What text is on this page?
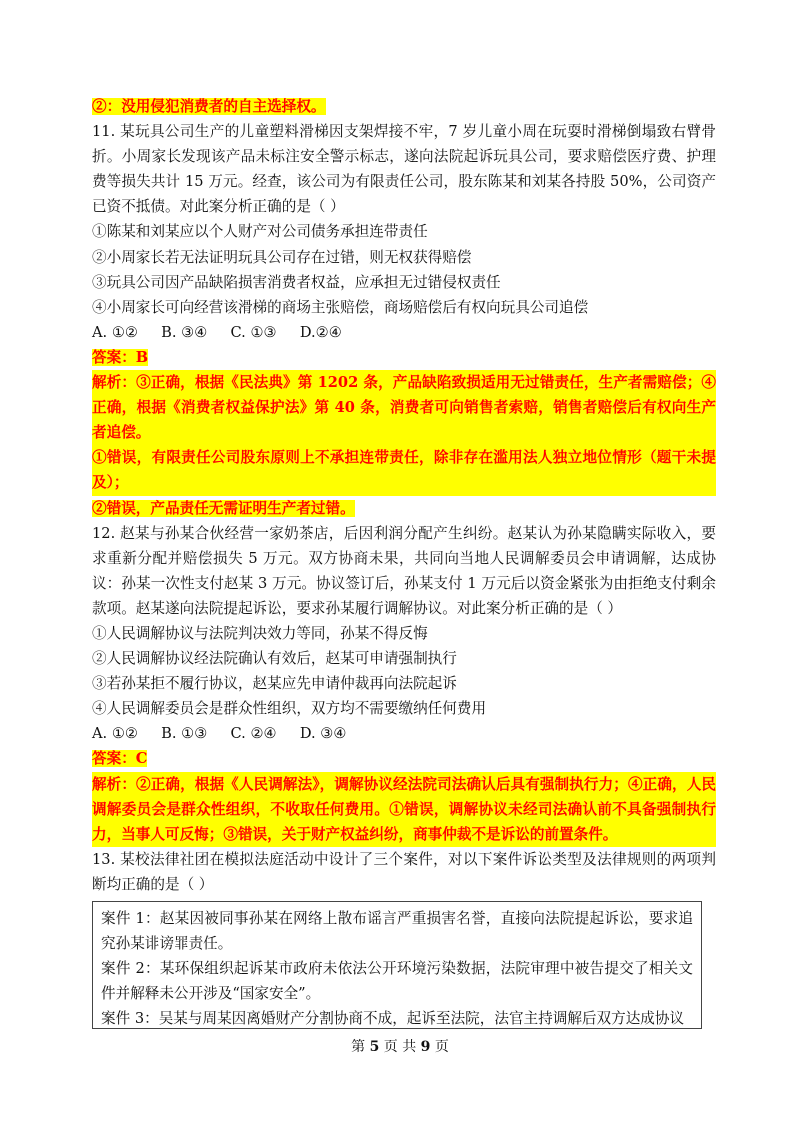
②：没用侵犯消费者的自主选择权。
11. 某玩具公司生产的儿童塑料滑梯因支架焊接不牢，7 岁儿童小周在玩耍时滑梯倒塌致右臂骨折。小周家长发现该产品未标注安全警示标志，遂向法院起诉玩具公司，要求赔偿医疗费、护理费等损失共计 15 万元。经查，该公司为有限责任公司，股东陈某和刘某各持股 50%，公司资产已资不抵债。对此案分析正确的是（ ）
①陈某和刘某应以个人财产对公司债务承担连带责任
②小周家长若无法证明玩具公司存在过错，则无权获得赔偿
③玩具公司因产品缺陷损害消费者权益，应承担无过错侵权责任
④小周家长可向经营该滑梯的商场主张赔偿，商场赔偿后有权向玩具公司追偿
A. ①②     B. ③④     C. ①③     D.②④
答案：B
解析：③正确，根据《民法典》第 1202 条，产品缺陷致损适用无过错责任，生产者需赔偿；④正确，根据《消费者权益保护法》第 40 条，消费者可向销售者索赔，销售者赔偿后有权向生产者追偿。
①错误，有限责任公司股东原则上不承担连带责任，除非存在滥用法人独立地位情形（题干未提及）；
②错误，产品责任无需证明生产者过错。
12. 赵某与孙某合伙经营一家奶茶店，后因利润分配产生纠纷。赵某认为孙某隐瞒实际收入，要求重新分配并赔偿损失 5 万元。双方协商未果，共同向当地人民调解委员会申请调解，达成协议：孙某一次性支付赵某 3 万元。协议签订后，孙某支付 1 万元后以资金紧张为由拒绝支付剩余款项。赵某遂向法院提起诉讼，要求孙某履行调解协议。对此案分析正确的是（ ）
①人民调解协议与法院判决效力等同，孙某不得反悔
②人民调解协议经法院确认有效后，赵某可申请强制执行
③若孙某拒不履行协议，赵某应先申请仲裁再向法院起诉
④人民调解委员会是群众性组织，双方均不需要缴纳任何费用
A. ①②     B. ①③     C. ②④     D. ③④
答案：C
解析：②正确，根据《人民调解法》，调解协议经法院司法确认后具有强制执行力；④正确，人民调解委员会是群众性组织，不收取任何费用。①错误，调解协议未经司法确认前不具备强制执行力，当事人可反悔；③错误，关于财产权益纠纷，商事仲裁不是诉讼的前置条件。
13. 某校法律社团在模拟法庭活动中设计了三个案件，对以下案件诉讼类型及法律规则的两项判断均正确的是（ ）
案件 1：赵某因被同事孙某在网络上散布谣言严重损害名誉，直接向法院提起诉讼，要求追究孙某诽谤罪责任。
案件 2：某环保组织起诉某市政府未依法公开环境污染数据，法院审理中被告提交了相关文件并解释未公开涉及“国家安全”。
案件 3：吴某与周某因离婚财产分割协商不成，起诉至法院，法官主持调解后双方达成协议
第 5 页 共 9 页
